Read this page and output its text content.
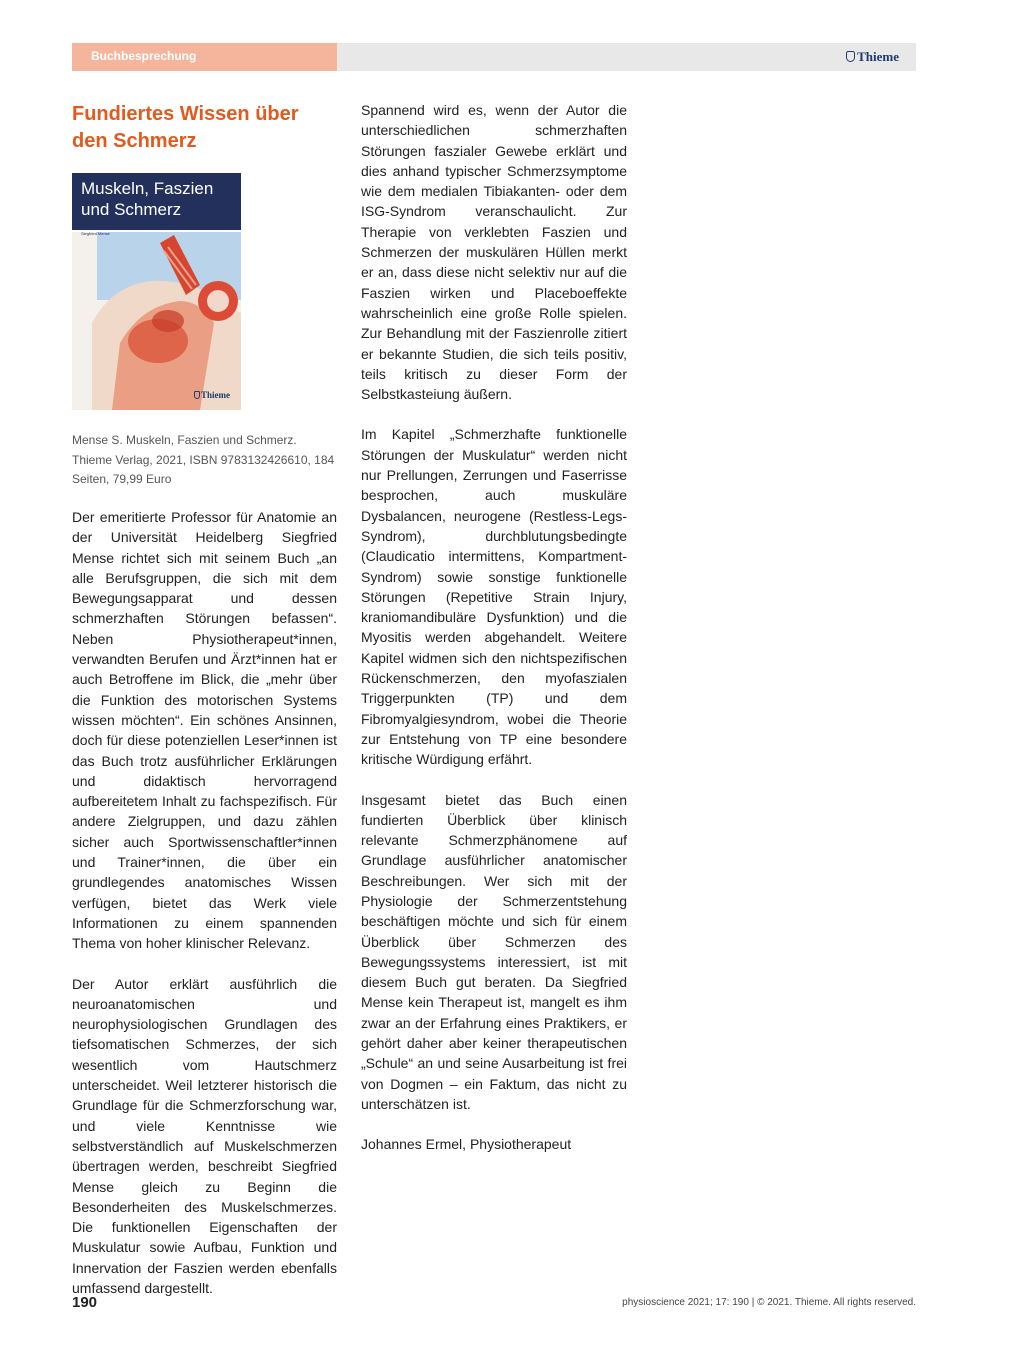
Buchbesprechung	Thieme
Fundiertes Wissen über den Schmerz
Muskeln, Faszien und Schmerz
Siegfried Mense
Thieme

Mense S. Muskeln, Faszien und Schmerz. Thieme Verlag, 2021, ISBN 9783132426610, 184 Seiten, 79,99 Euro

Der emeritierte Professor für Anatomie an der Universität Heidelberg Siegfried Mense richtet sich mit seinem Buch „an alle Berufsgruppen, die sich mit dem Bewegungsapparat und dessen schmerzhaften Störungen befassen“. Neben Physiotherapeut*innen, verwandten Berufen und Ärzt*innen hat er auch Betroffene im Blick, die „mehr über die Funktion des motorischen Systems wissen möchten“. Ein schönes Ansinnen, doch für diese potenziellen Leser*innen ist das Buch trotz ausführlicher Erklärungen und didaktisch hervorragend aufbereitetem Inhalt zu fachspezifisch. Für andere Zielgruppen, und dazu zählen sicher auch Sportwissenschaftler*innen und Trainer*innen, die über ein grundlegendes anatomisches Wissen verfügen, bietet das Werk viele Informationen zu einem spannenden Thema von hoher klinischer Relevanz.

Der Autor erklärt ausführlich die neuroanatomischen und neurophysiologischen Grundlagen des tiefsomatischen Schmerzes, der sich wesentlich vom Hautschmerz unterscheidet. Weil letzterer historisch die Grundlage für die Schmerzforschung war, und viele Kenntnisse wie selbstverständlich auf Muskelschmerzen übertragen werden, beschreibt Siegfried Mense gleich zu Beginn die Besonderheiten des Muskelschmerzes. Die funktionellen Eigenschaften der Muskulatur sowie Aufbau, Funktion und Innervation der Faszien werden ebenfalls umfassend dargestellt.

Spannend wird es, wenn der Autor die unterschiedlichen schmerzhaften Störungen faszialer Gewebe erklärt und dies anhand typischer Schmerzsymptome wie dem medialen Tibiakanten- oder dem ISG-Syndrom veranschaulicht. Zur Therapie von verklebten Faszien und Schmerzen der muskulären Hüllen merkt er an, dass diese nicht selektiv nur auf die Faszien wirken und Placeboeffekte wahrscheinlich eine große Rolle spielen. Zur Behandlung mit der Faszienrolle zitiert er bekannte Studien, die sich teils positiv, teils kritisch zu dieser Form der Selbstkasteiung äußern.

Im Kapitel „Schmerzhafte funktionelle Störungen der Muskulatur“ werden nicht nur Prellungen, Zerrungen und Faserrisse besprochen, auch muskuläre Dysbalancen, neurogene (Restless-Legs-Syndrom), durchblutungsbedingte (Claudicatio intermittens, Kompartment-Syndrom) sowie sonstige funktionelle Störungen (Repetitive Strain Injury, kraniomandibuläre Dysfunktion) und die Myositis werden abgehandelt. Weitere Kapitel widmen sich den nichtspezifischen Rückenschmerzen, den myofaszialen Triggerpunkten (TP) und dem Fibromyalgiesyndrom, wobei die Theorie zur Entstehung von TP eine besondere kritische Würdigung erfährt.

Insgesamt bietet das Buch einen fundierten Überblick über klinisch relevante Schmerzphänomene auf Grundlage ausführlicher anatomischer Beschreibungen. Wer sich mit der Physiologie der Schmerzentstehung beschäftigen möchte und sich für einem Überblick über Schmerzen des Bewegungssystems interessiert, ist mit diesem Buch gut beraten. Da Siegfried Mense kein Therapeut ist, mangelt es ihm zwar an der Erfahrung eines Praktikers, er gehört daher aber keiner therapeutischen „Schule“ an und seine Ausarbeitung ist frei von Dogmen – ein Faktum, das nicht zu unterschätzen ist.

Johannes Ermel, Physiotherapeut

190	physioscience 2021; 17: 190 | © 2021. Thieme. All rights reserved.
